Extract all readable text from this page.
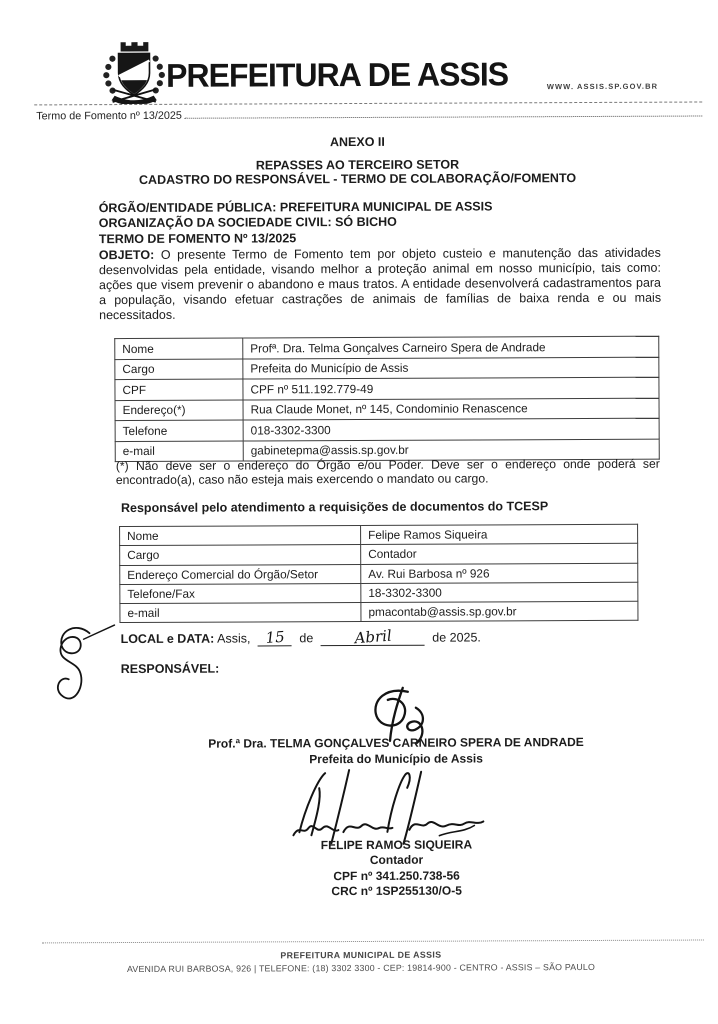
PREFEITURA DE ASSIS	WWW. ASSIS.SP.GOV.BR
Termo de Fomento nº 13/2025
ANEXO II
REPASSES AO TERCEIRO SETOR
CADASTRO DO RESPONSÁVEL - TERMO DE COLABORAÇÃO/FOMENTO
ÓRGÃO/ENTIDADE PÚBLICA: PREFEITURA MUNICIPAL DE ASSIS
ORGANIZAÇÃO DA SOCIEDADE CIVIL: SÓ BICHO
TERMO DE FOMENTO Nº 13/2025
OBJETO: O presente Termo de Fomento tem por objeto custeio e manutenção das atividades desenvolvidas pela entidade, visando melhor a proteção animal em nosso município, tais como: ações que visem prevenir o abandono e maus tratos. A entidade desenvolverá cadastramentos para a população, visando efetuar castrações de animais de famílias de baixa renda e ou mais necessitados.
Nome	Profª. Dra. Telma Gonçalves Carneiro Spera de Andrade
Cargo	Prefeita do Município de Assis
CPF	CPF nº 511.192.779-49
Endereço(*)	Rua Claude Monet, nº 145, Condominio Renascence
Telefone	018-3302-3300
e-mail	gabinetepma@assis.sp.gov.br
(*) Não deve ser o endereço do Órgão e/ou Poder. Deve ser o endereço onde poderá ser encontrado(a), caso não esteja mais exercendo o mandato ou cargo.
Responsável pelo atendimento a requisições de documentos do TCESP
Nome	Felipe Ramos Siqueira
Cargo	Contador
Endereço Comercial do Órgão/Setor	Av. Rui Barbosa nº 926
Telefone/Fax	18-3302-3300
e-mail	pmacontab@assis.sp.gov.br
LOCAL e DATA: Assis, 15 de	Abril	de 2025.
RESPONSÁVEL:
Prof.ª Dra. TELMA GONÇALVES CARNEIRO SPERA DE ANDRADE
Prefeita do Município de Assis
FELIPE RAMOS SIQUEIRA
Contador
CPF nº 341.250.738-56
CRC nº 1SP255130/O-5
PREFEITURA MUNICIPAL DE ASSIS
AVENIDA RUI BARBOSA, 926 | TELEFONE: (18) 3302 3300 - CEP: 19814-900 - CENTRO - ASSIS – SÃO PAULO
